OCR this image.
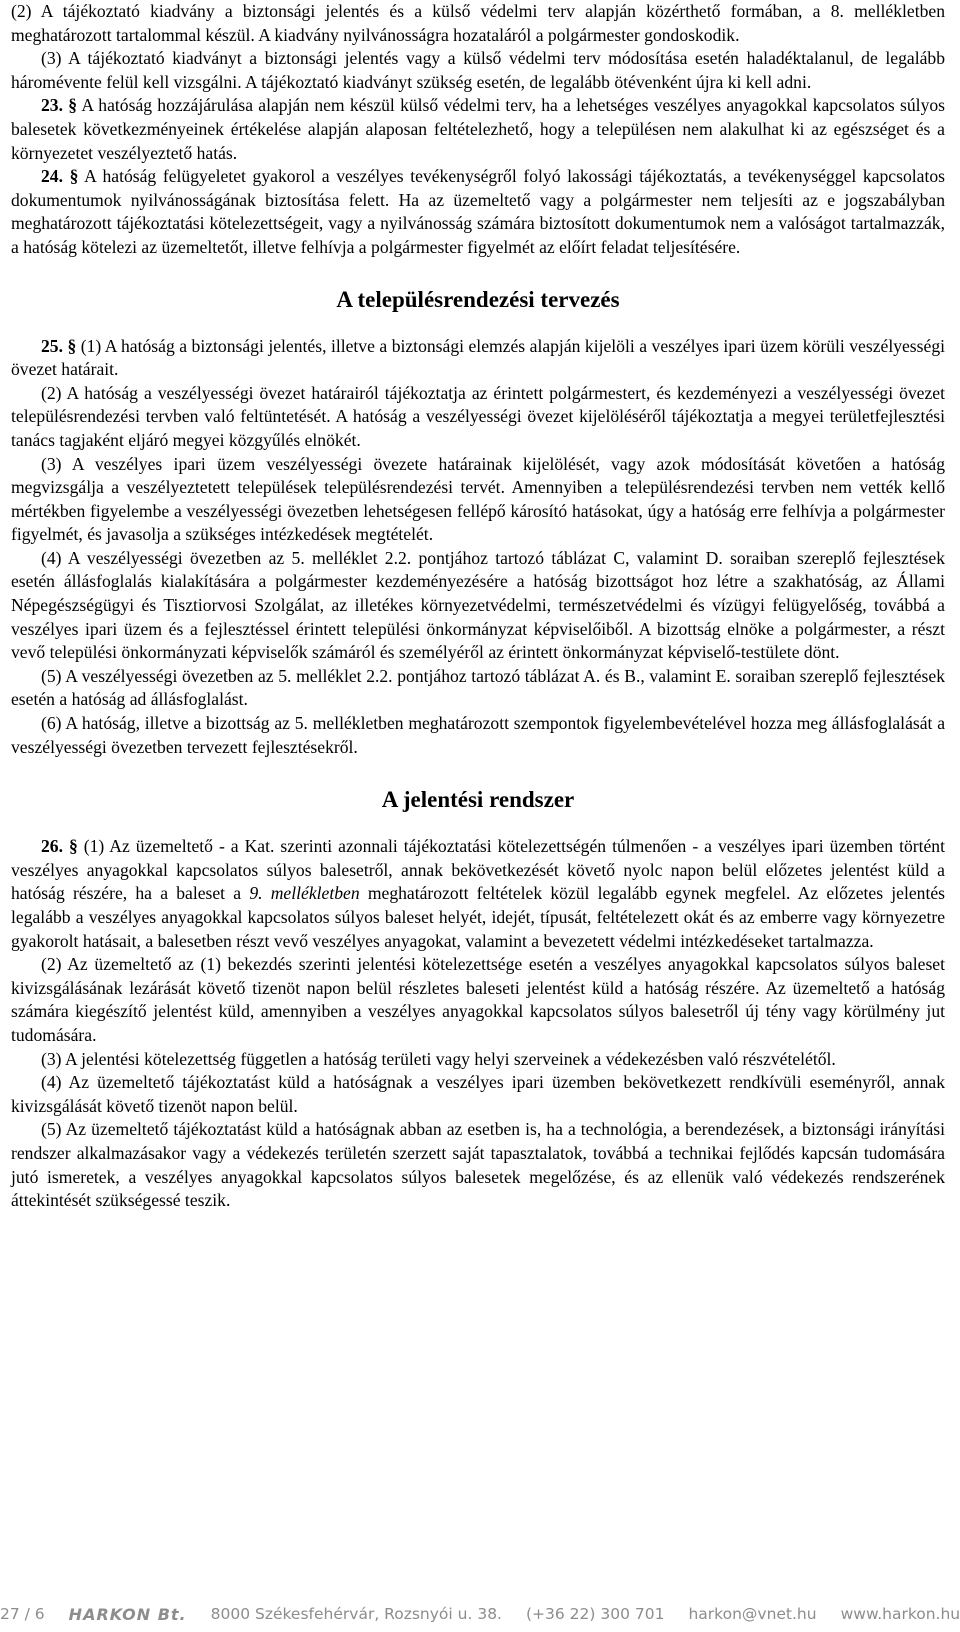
(2) A tájékoztató kiadvány a biztonsági jelentés és a külső védelmi terv alapján közérthető formában, a 8. mellékletben meghatározott tartalommal készül. A kiadvány nyilvánosságra hozataláról a polgármester gondoskodik.

(3) A tájékoztató kiadványt a biztonsági jelentés vagy a külső védelmi terv módosítása esetén haladéktalanul, de legalább háromévente felül kell vizsgálni. A tájékoztató kiadványt szükség esetén, de legalább ötévenként újra ki kell adni.

23. § A hatóság hozzájárulása alapján nem készül külső védelmi terv, ha a lehetséges veszélyes anyagokkal kapcsolatos súlyos balesetek következményeinek értékelése alapján alaposan feltételezhető, hogy a településen nem alakulhat ki az egészséget és a környezetet veszélyeztető hatás.

24. § A hatóság felügyeletet gyakorol a veszélyes tevékenységről folyó lakossági tájékoztatás, a tevékenységgel kapcsolatos dokumentumok nyilvánosságának biztosítása felett. Ha az üzemeltető vagy a polgármester nem teljesíti az e jogszabályban meghatározott tájékoztatási kötelezettségeit, vagy a nyilvánosság számára biztosított dokumentumok nem a valóságot tartalmazzák, a hatóság kötelezi az üzemeltetőt, illetve felhívja a polgármester figyelmét az előírt feladat teljesítésére.

A településrendezési tervezés

25. § (1) A hatóság a biztonsági jelentés, illetve a biztonsági elemzés alapján kijelöli a veszélyes ipari üzem körüli veszélyességi övezet határait.

(2) A hatóság a veszélyességi övezet határairól tájékoztatja az érintett polgármestert, és kezdeményezi a veszélyességi övezet településrendezési tervben való feltüntetését. A hatóság a veszélyességi övezet kijelöléséről tájékoztatja a megyei területfejlesztési tanács tagjaként eljáró megyei közgyűlés elnökét.

(3) A veszélyes ipari üzem veszélyességi övezete határainak kijelölését, vagy azok módosítását követően a hatóság megvizsgálja a veszélyeztetett települések településrendezési tervét. Amennyiben a településrendezési tervben nem vették kellő mértékben figyelembe a veszélyességi övezetben lehetségesen fellépő károsító hatásokat, úgy a hatóság erre felhívja a polgármester figyelmét, és javasolja a szükséges intézkedések megtételét.

(4) A veszélyességi övezetben az 5. melléklet 2.2. pontjához tartozó táblázat C, valamint D. soraiban szereplő fejlesztések esetén állásfoglalás kialakítására a polgármester kezdeményezésére a hatóság bizottságot hoz létre a szakhatóság, az Állami Népegészségügyi és Tisztiorvosi Szolgálat, az illetékes környezetvédelmi, természetvédelmi és vízügyi felügyelőség, továbbá a veszélyes ipari üzem és a fejlesztéssel érintett települési önkormányzat képviselőiből. A bizottság elnöke a polgármester, a részt vevő települési önkormányzati képviselők számáról és személyéről az érintett önkormányzat képviselő-testülete dönt.

(5) A veszélyességi övezetben az 5. melléklet 2.2. pontjához tartozó táblázat A. és B., valamint E. soraiban szereplő fejlesztések esetén a hatóság ad állásfoglalást.

(6) A hatóság, illetve a bizottság az 5. mellékletben meghatározott szempontok figyelembevételével hozza meg állásfoglalását a veszélyességi övezetben tervezett fejlesztésekről.

A jelentési rendszer

26. § (1) Az üzemeltető - a Kat. szerinti azonnali tájékoztatási kötelezettségén túlmenően - a veszélyes ipari üzemben történt veszélyes anyagokkal kapcsolatos súlyos balesetről, annak bekövetkezését követő nyolc napon belül előzetes jelentést küld a hatóság részére, ha a baleset a 9. mellékletben meghatározott feltételek közül legalább egynek megfelel. Az előzetes jelentés legalább a veszélyes anyagokkal kapcsolatos súlyos baleset helyét, idejét, típusát, feltételezett okát és az emberre vagy környezetre gyakorolt hatásait, a balesetben részt vevő veszélyes anyagokat, valamint a bevezetett védelmi intézkedéseket tartalmazza.

(2) Az üzemeltető az (1) bekezdés szerinti jelentési kötelezettsége esetén a veszélyes anyagokkal kapcsolatos súlyos baleset kivizsgálásának lezárását követő tizenöt napon belül részletes baleseti jelentést küld a hatóság részére. Az üzemeltető a hatóság számára kiegészítő jelentést küld, amennyiben a veszélyes anyagokkal kapcsolatos súlyos balesetről új tény vagy körülmény jut tudomására.

(3) A jelentési kötelezettség független a hatóság területi vagy helyi szerveinek a védekezésben való részvételétől.

(4) Az üzemeltető tájékoztatást küld a hatóságnak a veszélyes ipari üzemben bekövetkezett rendkívüli eseményről, annak kivizsgálását követő tizenöt napon belül.

(5) Az üzemeltető tájékoztatást küld a hatóságnak abban az esetben is, ha a technológia, a berendezések, a biztonsági irányítási rendszer alkalmazásakor vagy a védekezés területén szerzett saját tapasztalatok, továbbá a technikai fejlődés kapcsán tudomására jutó ismeretek, a veszélyes anyagokkal kapcsolatos súlyos balesetek megelőzése, és az ellenük való védekezés rendszerének áttekintését szükségessé teszik.

27 / 6 HARKON Bt. 8000 Székesfehérvár, Rozsnyói u. 38. (+36 22) 300 701 harkon@vnet.hu www.harkon.hu
